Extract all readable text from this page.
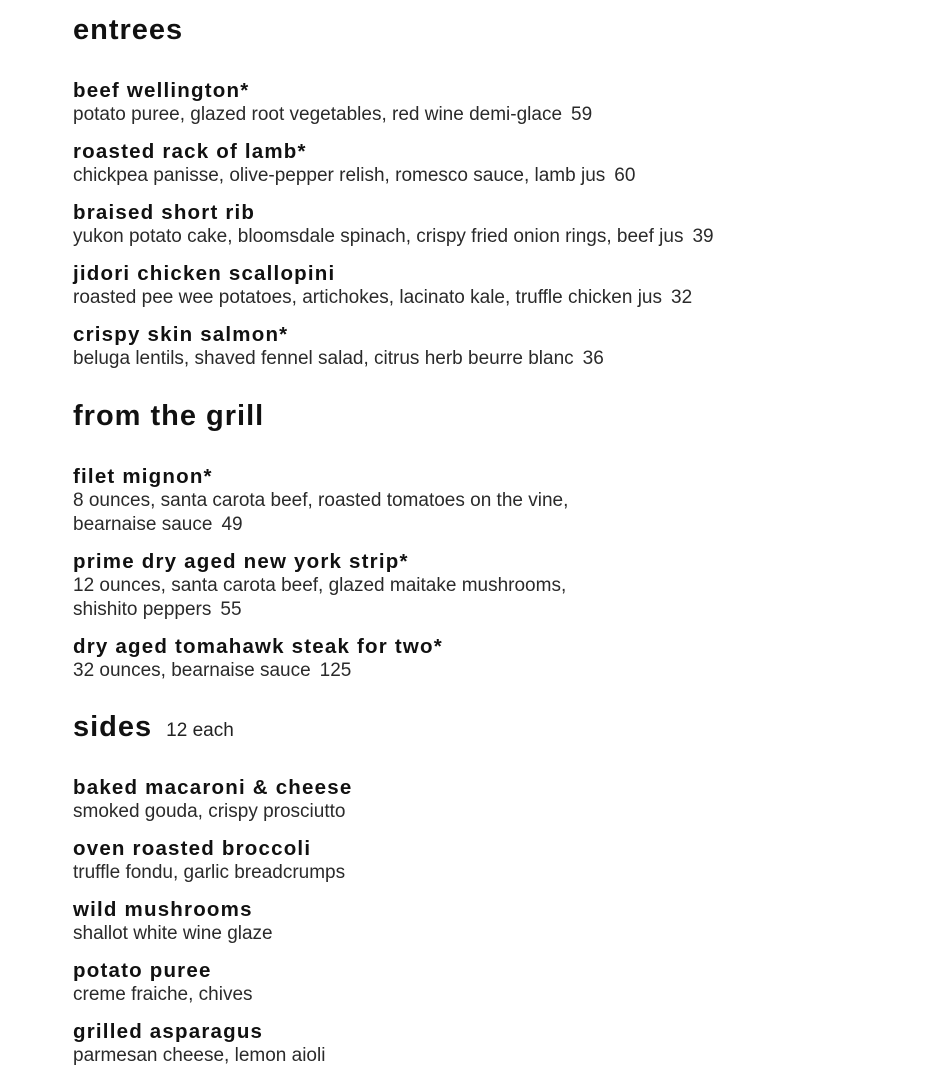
entrees
beef wellington*
potato puree, glazed root vegetables, red wine demi-glace 59
roasted rack of lamb*
chickpea panisse, olive-pepper relish, romesco sauce, lamb jus 60
braised short rib
yukon potato cake, bloomsdale spinach, crispy fried onion rings, beef jus 39
jidori chicken scallopini
roasted pee wee potatoes, artichokes, lacinato kale, truffle chicken jus 32
crispy skin salmon*
beluga lentils, shaved fennel salad, citrus herb beurre blanc 36
from the grill
filet mignon*
8 ounces, santa carota beef, roasted tomatoes on the vine,
bearnaise sauce 49
prime dry aged new york strip*
12 ounces, santa carota beef, glazed maitake mushrooms,
shishito peppers 55
dry aged tomahawk steak for two*
32 ounces, bearnaise sauce 125
sides 12 each
baked macaroni & cheese
smoked gouda, crispy prosciutto
oven roasted broccoli
truffle fondu, garlic breadcrumps
wild mushrooms
shallot white wine glaze
potato puree
creme fraiche, chives
grilled asparagus
parmesan cheese, lemon aioli
